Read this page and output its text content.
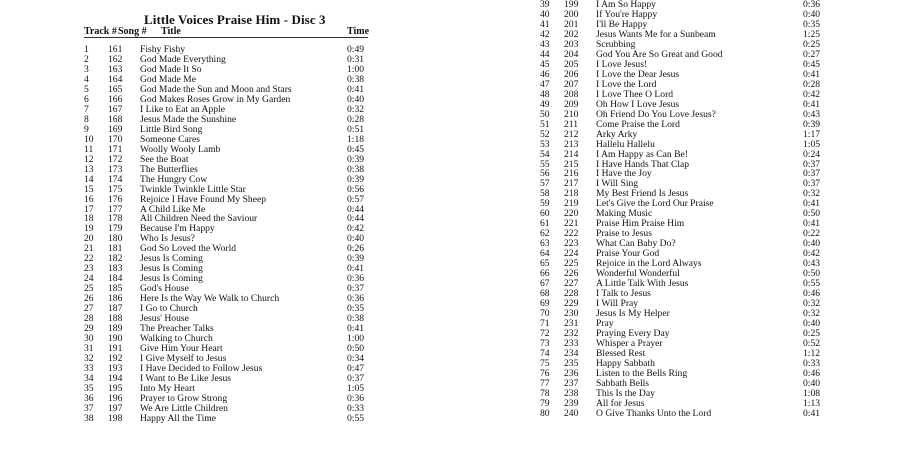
Little Voices Praise Him - Disc 3
Track # Song # Title	Time
1 161 Fishy Fishy	0:49
2 162 God Made Everything	0:31
3 163 God Made It So	1:00
4 164 God Made Me	0:38
5 165 God Made the Sun and Moon and Stars	0:41
6 166 God Makes Roses Grow in My Garden	0:40
7 167 I Like to Eat an Apple	0:32
8 168 Jesus Made the Sunshine	0:28
9 169 Little Bird Song	0:51
10 170 Someone Cares	1:18
11 171 Woolly Wooly Lamb	0:45
12 172 See the Boat	0:39
13 173 The Butterflies	0:38
14 174 The Hungry Cow	0:39
15 175 Twinkle Twinkle Little Star	0:56
16 176 Rejoice I Have Found My Sheep	0:57
17 177 A Child Like Me	0:44
18 178 All Children Need the Saviour	0:44
19 179 Because I'm Happy	0:42
20 180 Who Is Jesus?	0:40
21 181 God So Loved the World	0:26
22 182 Jesus Is Coming	0:39
23 183 Jesus Is Coming	0:41
24 184 Jesus Is Coming	0:36
25 185 God's House	0:37
26 186 Here Is the Way We Walk to Church	0:36
27 187 I Go to Church	0:35
28 188 Jesus' House	0:38
29 189 The Preacher Talks	0:41
30 190 Walking to Church	1:00
31 191 Give Him Your Heart	0:50
32 192 I Give Myself to Jesus	0:34
33 193 I Have Decided to Follow Jesus	0:47
34 194 I Want to Be Like Jesus	0:37
35 195 Into My Heart	1:05
36 196 Prayer to Grow Strong	0:36
37 197 We Are Little Children	0:33
38 198 Happy All the Time	0:55
39 199 I Am So Happy	0:36
40 200 If You're Happy	0:40
41 201 I'll Be Happy	0:35
42 202 Jesus Wants Me for a Sunbeam	1:25
43 203 Scrubbing	0:25
44 204 God You Are So Great and Good	0:27
45 205 I Love Jesus!	0:45
46 206 I Love the Dear Jesus	0:41
47 207 I Love the Lord	0:28
48 208 I Love Thee O Lord	0:42
49 209 Oh How I Love Jesus	0:41
50 210 Oh Friend Do You Love Jesus?	0:43
51 211 Come Praise the Lord	0:39
52 212 Arky Arky	1:17
53 213 Hallelu Hallelu	1:05
54 214 I Am Happy as Can Be!	0:24
55 215 I Have Hands That Clap	0:37
56 216 I Have the Joy	0:37
57 217 I Will Sing	0:37
58 218 My Best Friend Is Jesus	0:32
59 219 Let's Give the Lord Our Praise	0:41
60 220 Making Music	0:50
61 221 Praise Him Praise Him	0:41
62 222 Praise to Jesus	0:22
63 223 What Can Baby Do?	0:40
64 224 Praise Your God	0:42
65 225 Rejoice in the Lord Always	0:43
66 226 Wonderful Wonderful	0:50
67 227 A Little Talk With Jesus	0:55
68 228 I Talk to Jesus	0:46
69 229 I Will Pray	0:32
70 230 Jesus Is My Helper	0:32
71 231 Pray	0:40
72 232 Praying Every Day	0:25
73 233 Whisper a Prayer	0:52
74 234 Blessed Rest	1:12
75 235 Happy Sabbath	0:33
76 236 Listen to the Bells Ring	0:46
77 237 Sabbath Bells	0:40
78 238 This Is the Day	1:08
79 239 All for Jesus	1:13
80 240 O Give Thanks Unto the Lord	0:41
